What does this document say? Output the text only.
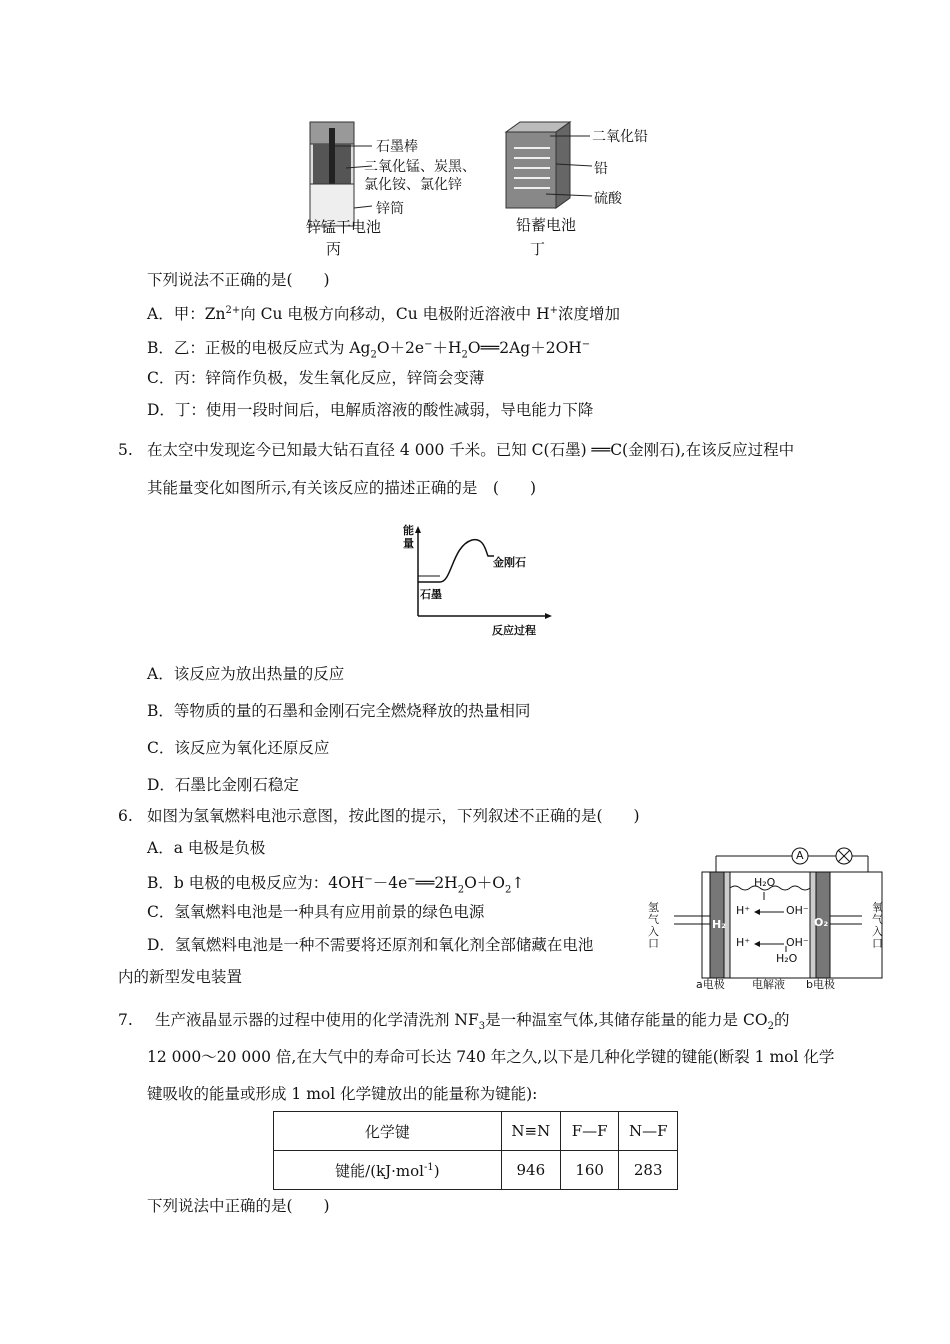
石墨棒
二氧化锰、炭黑、
氯化铵、氯化锌
锌筒
锌锰干电池
丙
二氧化铅
铅
硫酸
铅蓄电池
丁
下列说法不正确的是(　　)
A．甲：$Zn^{2+}$向 Cu 电极方向移动，Cu 电极附近溶液中 H+浓度增加
B．乙：正极的电极反应式为 $Ag_2O+2e^-+H_2O══2Ag+2OH^-$
C．丙：锌筒作负极，发生氧化反应，锌筒会变薄
D．丁：使用一段时间后，电解质溶液的酸性减弱，导电能力下降
5. 在太空中发现迄今已知最大钻石直径 4 000 千米。已知 C(石墨) ══C(金刚石),在该反应过程中
其能量变化如图所示,有关该反应的描述正确的是　(　　)
能
量
石墨
金刚石
反应过程
A．该反应为放出热量的反应
B．等物质的量的石墨和金刚石完全燃烧释放的热量相同
C．该反应为氧化还原反应
D．石墨比金刚石稳定
6. 如图为氢氧燃料电池示意图，按此图的提示，下列叙述不正确的是(　　)
A．a 电极是负极
B．b 电极的电极反应为：$4OH^--4e^-══2H_2O+O_2↑$
C．氢氧燃料电池是一种具有应用前景的绿色电源
D．氢氧燃料电池是一种不需要将还原剂和氧化剂全部储藏在电池
内的新型发电装置
A
氢
气
入
口
氧
气
入
口
H₂O
H⁺	OH⁻
H₂	O₂
H⁺	OH⁻
H₂O
a电极 电解液 b电极
7. 生产液晶显示器的过程中使用的化学清洗剂 $NF_3$是一种温室气体,其储存能量的能力是 $CO_2$的
12 000～20 000 倍,在大气中的寿命可长达 740 年之久,以下是几种化学键的键能(断裂 1 mol 化学
键吸收的能量或形成 1 mol 化学键放出的能量称为键能):
化学键	N≡N	F—F	N—F
键能/(kJ·mol$^{-1}$)	946	160	283
下列说法中正确的是(　　)
